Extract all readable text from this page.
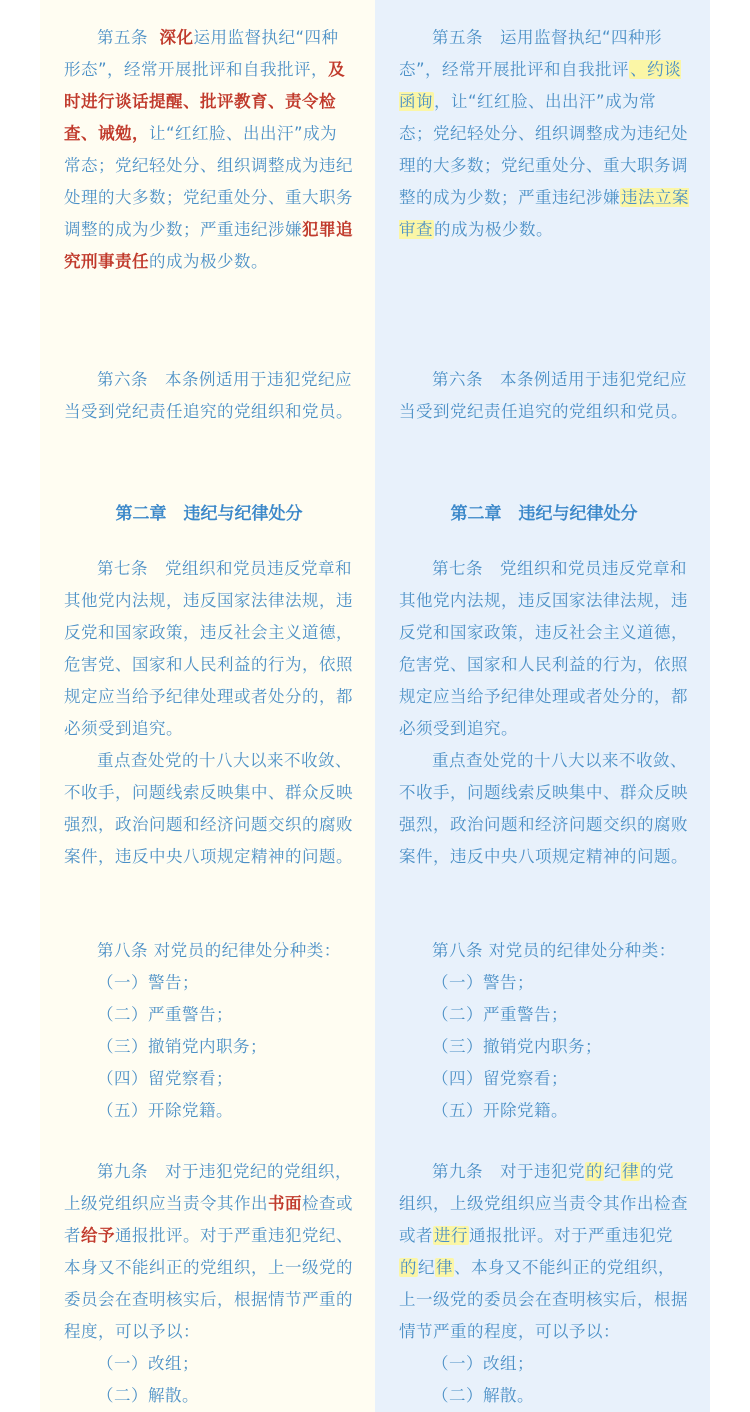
第五条 深化运用监督执纪“四种形态”，经常开展批评和自我批评，及时进行谈话提醒、批评教育、责令检查、诫勉，让“红红脸、出出汗”成为常态；党纪轻处分、组织调整成为违纪处理的大多数；党纪重处分、重大职务调整的成为少数；严重违纪涉嫌犯罪追究刑事责任的成为极少数。

第六条　本条例适用于违犯党纪应当受到党纪责任追究的党组织和党员。

第二章　违纪与纪律处分

第七条　党组织和党员违反党章和其他党内法规，违反国家法律法规，违反党和国家政策，违反社会主义道德，危害党、国家和人民利益的行为，依照规定应当给予纪律处理或者处分的，都必须受到追究。

重点查处党的十八大以来不收敛、不收手，问题线索反映集中、群众反映强烈，政治问题和经济问题交织的腐败案件，违反中央八项规定精神的问题。

第八条 对党员的纪律处分种类：

（一）警告；

（二）严重警告；

（三）撤销党内职务；

（四）留党察看；

（五）开除党籍。

第九条　对于违犯党纪的党组织，上级党组织应当责令其作出书面检查或者给予通报批评。对于严重违犯党纪、本身又不能纠正的党组织，上一级党的委员会在查明核实后，根据情节严重的程度，可以予以：

（一）改组；

（二）解散。

第五条　运用监督执纪“四种形态”，经常开展批评和自我批评、约谈函询，让“红红脸、出出汗”成为常态；党纪轻处分、组织调整成为违纪处理的大多数；党纪重处分、重大职务调整的成为少数；严重违纪涉嫌违法立案审查的成为极少数。

第六条　本条例适用于违犯党纪应当受到党纪责任追究的党组织和党员。

第二章　违纪与纪律处分

第七条　党组织和党员违反党章和其他党内法规，违反国家法律法规，违反党和国家政策，违反社会主义道德，危害党、国家和人民利益的行为，依照规定应当给予纪律处理或者处分的，都必须受到追究。

重点查处党的十八大以来不收敛、不收手，问题线索反映集中、群众反映强烈，政治问题和经济问题交织的腐败案件，违反中央八项规定精神的问题。

第八条 对党员的纪律处分种类：

（一）警告；

（二）严重警告；

（三）撤销党内职务；

（四）留党察看；

（五）开除党籍。

第九条　对于违犯党的纪律的党组织，上级党组织应当责令其作出检查或者进行通报批评。对于严重违犯党的纪律、本身又不能纠正的党组织，上一级党的委员会在查明核实后，根据情节严重的程度，可以予以：

（一）改组；

（二）解散。
